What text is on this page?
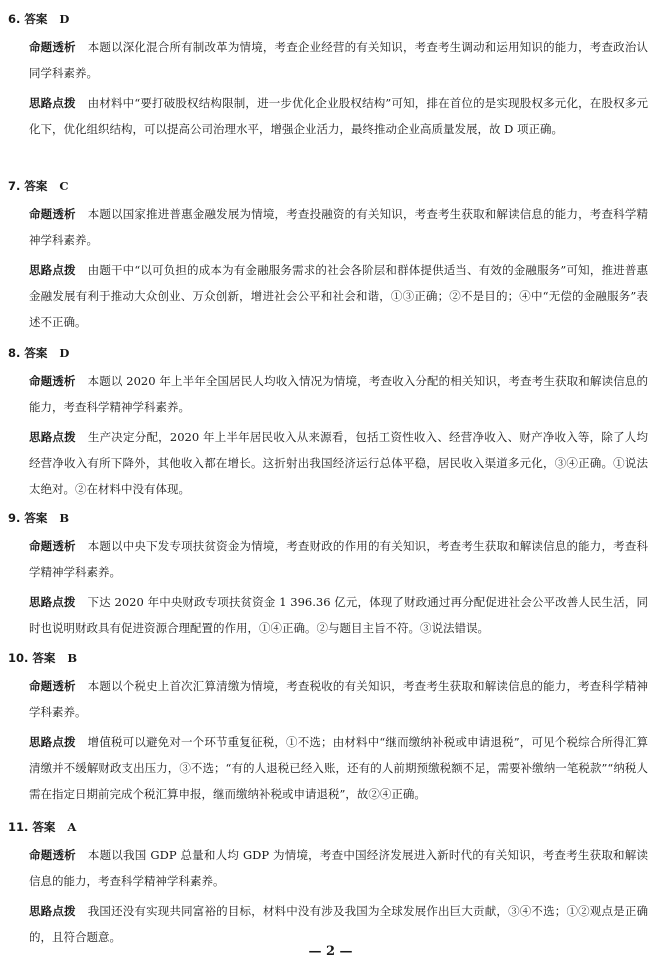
6. 答案 D
命题透析 本题以深化混合所有制改革为情境，考查企业经营的有关知识，考查考生调动和运用知识的能力，考查政治认同学科素养。
思路点拨 由材料中“要打破股权结构限制，进一步优化企业股权结构”可知，排在首位的是实现股权多元化，在股权多元化下，优化组织结构，可以提高公司治理水平，增强企业活力，最终推动企业高质量发展，故 D 项正确。
7. 答案 C
命题透析 本题以国家推进普惠金融发展为情境，考查投融资的有关知识，考查考生获取和解读信息的能力，考查科学精神学科素养。
思路点拨 由题干中“以可负担的成本为有金融服务需求的社会各阶层和群体提供适当、有效的金融服务”可知，推进普惠金融发展有利于推动大众创业、万众创新，增进社会公平和社会和谐，①③正确；②不是目的；④中“无偿的金融服务”表述不正确。
8. 答案 D
命题透析 本题以 2020 年上半年全国居民人均收入情况为情境，考查收入分配的相关知识，考查考生获取和解读信息的能力，考查科学精神学科素养。
思路点拨 生产决定分配，2020 年上半年居民收入从来源看，包括工资性收入、经营净收入、财产净收入等，除了人均经营净收入有所下降外，其他收入都在增长。这折射出我国经济运行总体平稳，居民收入渠道多元化，③④正确。①说法太绝对。②在材料中没有体现。
9. 答案 B
命题透析 本题以中央下发专项扶贫资金为情境，考查财政的作用的有关知识，考查考生获取和解读信息的能力，考查科学精神学科素养。
思路点拨 下达 2020 年中央财政专项扶贫资金 1 396.36 亿元，体现了财政通过再分配促进社会公平改善人民生活，同时也说明财政具有促进资源合理配置的作用，①④正确。②与题目主旨不符。③说法错误。
10. 答案 B
命题透析 本题以个税史上首次汇算清缴为情境，考查税收的有关知识，考查考生获取和解读信息的能力，考查科学精神学科素养。
思路点拨 增值税可以避免对一个环节重复征税，①不选；由材料中“继而缴纳补税或申请退税”，可见个税综合所得汇算清缴并不缓解财政支出压力，③不选；“有的人退税已经入账，还有的人前期预缴税额不足，需要补缴纳一笔税款”“纳税人需在指定日期前完成个税汇算申报，继而缴纳补税或申请退税”，故②④正确。
11. 答案 A
命题透析 本题以我国 GDP 总量和人均 GDP 为情境，考查中国经济发展进入新时代的有关知识，考查考生获取和解读信息的能力，考查科学精神学科素养。
思路点拨 我国还没有实现共同富裕的目标，材料中没有涉及我国为全球发展作出巨大贡献，③④不选；①②观点是正确的，且符合题意。
— 2 —
